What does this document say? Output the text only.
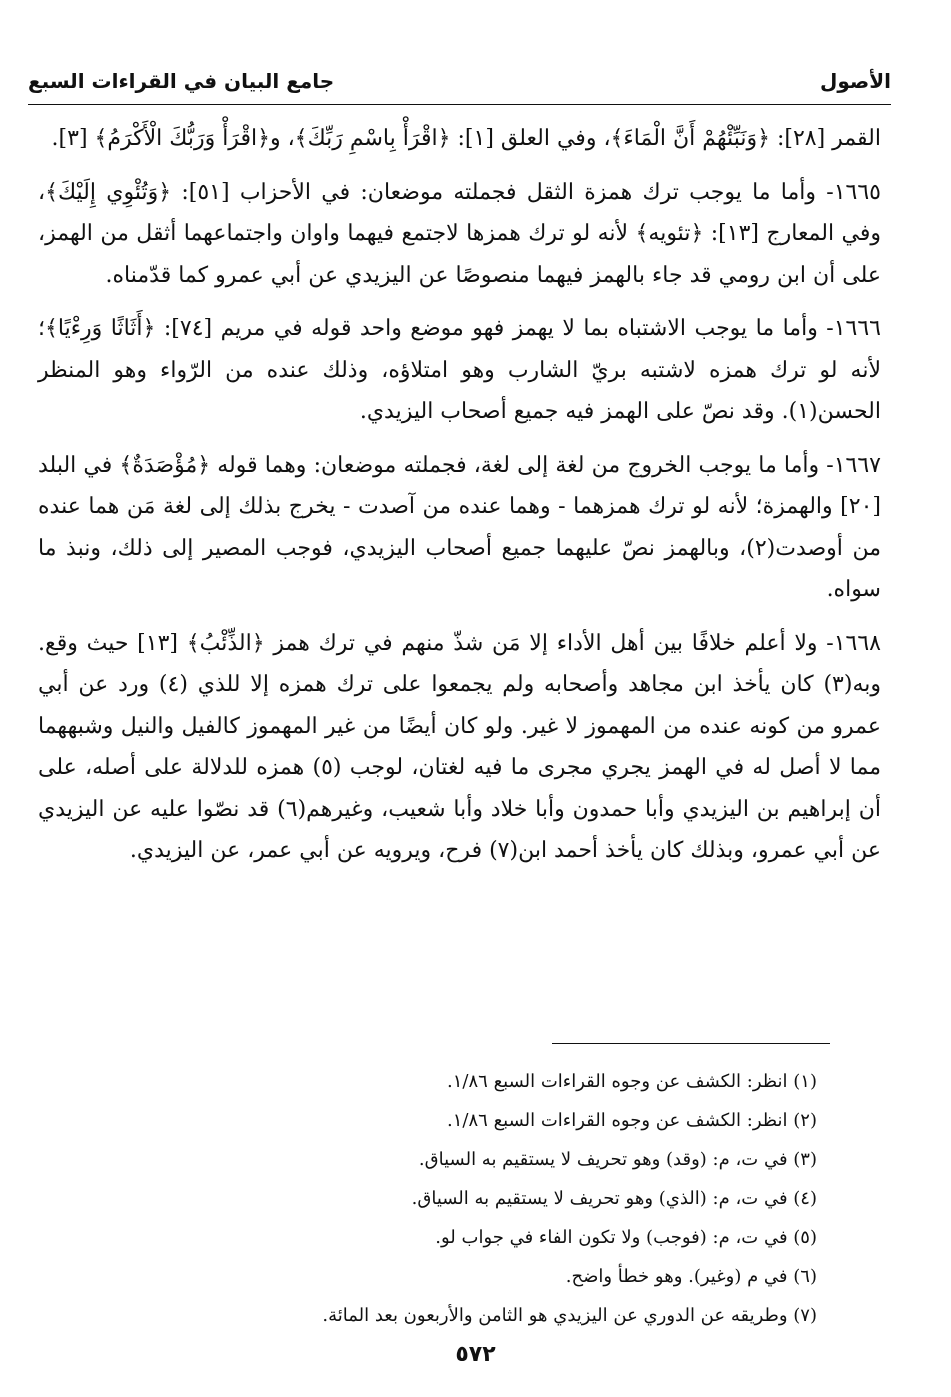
الأصول
جامع البيان في القراءات السبع

القمر [٢٨]: ﴿وَنَبِّئْهُمْ أَنَّ الْمَاءَ﴾، وفي العلق [١]: ﴿اقْرَأْ بِاسْمِ رَبِّكَ﴾، و﴿اقْرَأْ وَرَبُّكَ الْأَكْرَمُ﴾ [٣].

١٦٦٥- وأما ما يوجب ترك همزة الثقل فجملته موضعان: في الأحزاب [٥١]: ﴿وَتُئْوِي إِلَيْكَ﴾، وفي المعارج [١٣]: ﴿تئويه﴾ لأنه لو ترك همزها لاجتمع فيهما واوان واجتماعهما أثقل من الهمز، على أن ابن رومي قد جاء بالهمز فيهما منصوصًا عن اليزيدي عن أبي عمرو كما قدّمناه.

١٦٦٦- وأما ما يوجب الاشتباه بما لا يهمز فهو موضع واحد قوله في مريم [٧٤]: ﴿أَثَاثًا وَرِءْيًا﴾؛ لأنه لو ترك همزه لاشتبه بريّ الشارب وهو امتلاؤه، وذلك عنده من الرّواء وهو المنظر الحسن(١). وقد نصّ على الهمز فيه جميع أصحاب اليزيدي.

١٦٦٧- وأما ما يوجب الخروج من لغة إلى لغة، فجملته موضعان: وهما قوله ﴿مُؤْصَدَةٌ﴾ في البلد [٢٠] والهمزة؛ لأنه لو ترك همزهما - وهما عنده من آصدت - يخرج بذلك إلى لغة مَن هما عنده من أوصدت(٢)، وبالهمز نصّ عليهما جميع أصحاب اليزيدي، فوجب المصير إلى ذلك، ونبذ ما سواه.

١٦٦٨- ولا أعلم خلافًا بين أهل الأداء إلا مَن شذّ منهم في ترك همز ﴿الذِّئْبُ﴾ [١٣] حيث وقع. وبه(٣) كان يأخذ ابن مجاهد وأصحابه ولم يجمعوا على ترك همزه إلا للذي (٤) ورد عن أبي عمرو من كونه عنده من المهموز لا غير. ولو كان أيضًا من غير المهموز كالفيل والنيل وشبههما مما لا أصل له في الهمز يجري مجرى ما فيه لغتان، لوجب (٥) همزه للدلالة على أصله، على أن إبراهيم بن اليزيدي وأبا حمدون وأبا خلاد وأبا شعيب، وغيرهم(٦) قد نصّوا عليه عن اليزيدي عن أبي عمرو، وبذلك كان يأخذ أحمد ابن(٧) فرح، ويرويه عن أبي عمر، عن اليزيدي.

(١) انظر: الكشف عن وجوه القراءات السبع ١/٨٦.
(٢) انظر: الكشف عن وجوه القراءات السبع ١/٨٦.
(٣) في ت، م: (وقد) وهو تحريف لا يستقيم به السياق.
(٤) في ت، م: (الذي) وهو تحريف لا يستقيم به السياق.
(٥) في ت، م: (فوجب) ولا تكون الفاء في جواب لو.
(٦) في م (وغير). وهو خطأ واضح.
(٧) وطريقه عن الدوري عن اليزيدي هو الثامن والأربعون بعد المائة.
٥٧٢
